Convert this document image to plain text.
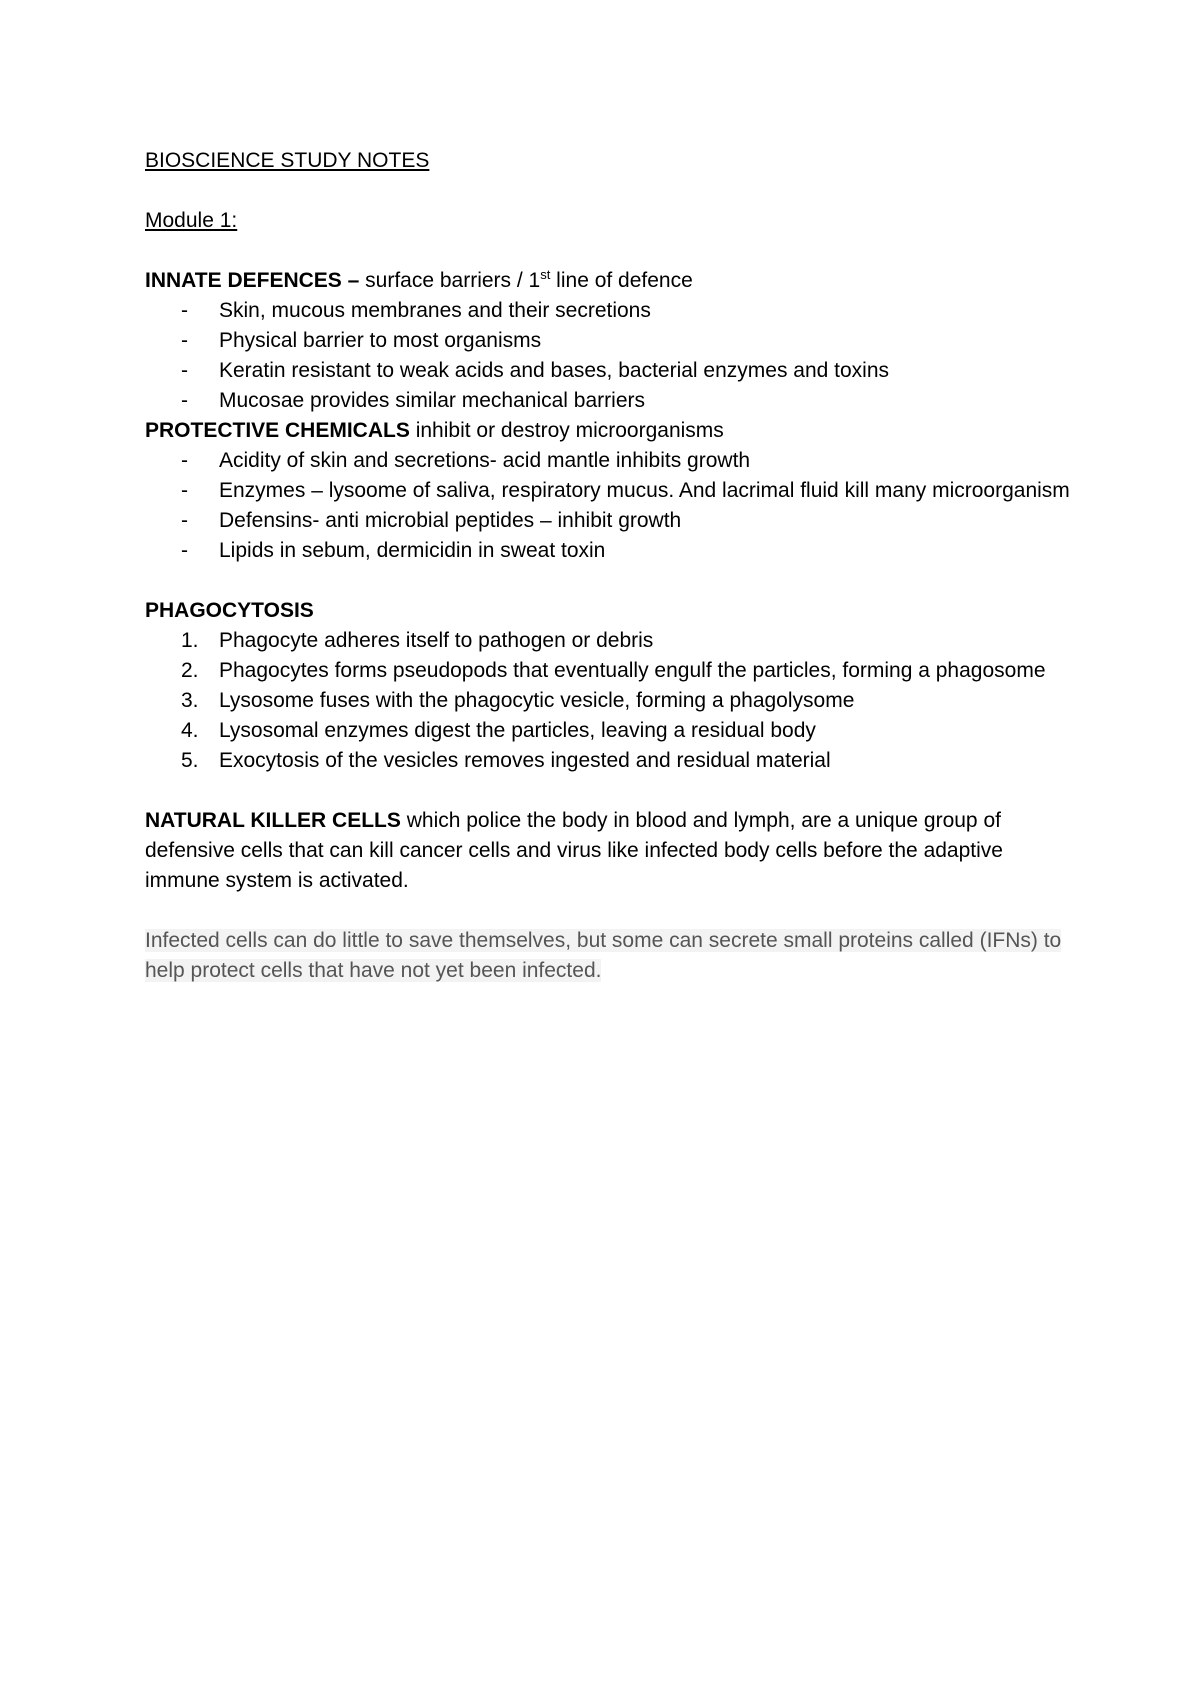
BIOSCIENCE STUDY NOTES

Module 1:

INNATE DEFENCES – surface barriers / 1st line of defence

-	Skin, mucous membranes and their secretions
-	Physical barrier to most organisms
-	Keratin resistant to weak acids and bases, bacterial enzymes and toxins
-	Mucosae provides similar mechanical barriers

PROTECTIVE CHEMICALS inhibit or destroy microorganisms

-	Acidity of skin and secretions- acid mantle inhibits growth
-	Enzymes – lysoome of saliva, respiratory mucus. And lacrimal fluid kill many microorganism
-	Defensins- anti microbial peptides – inhibit growth
-	Lipids in sebum, dermicidin in sweat toxin

PHAGOCYTOSIS

1. Phagocyte adheres itself to pathogen or debris
2. Phagocytes forms pseudopods that eventually engulf the particles, forming a phagosome
3. Lysosome fuses with the phagocytic vesicle, forming a phagolysome
4. Lysosomal enzymes digest the particles, leaving a residual body
5. Exocytosis of the vesicles removes ingested and residual material

NATURAL KILLER CELLS which police the body in blood and lymph, are a unique group of defensive cells that can kill cancer cells and virus like infected body cells before the adaptive immune system is activated.

Infected cells can do little to save themselves, but some can secrete small proteins called (IFNs) to help protect cells that have not yet been infected.
